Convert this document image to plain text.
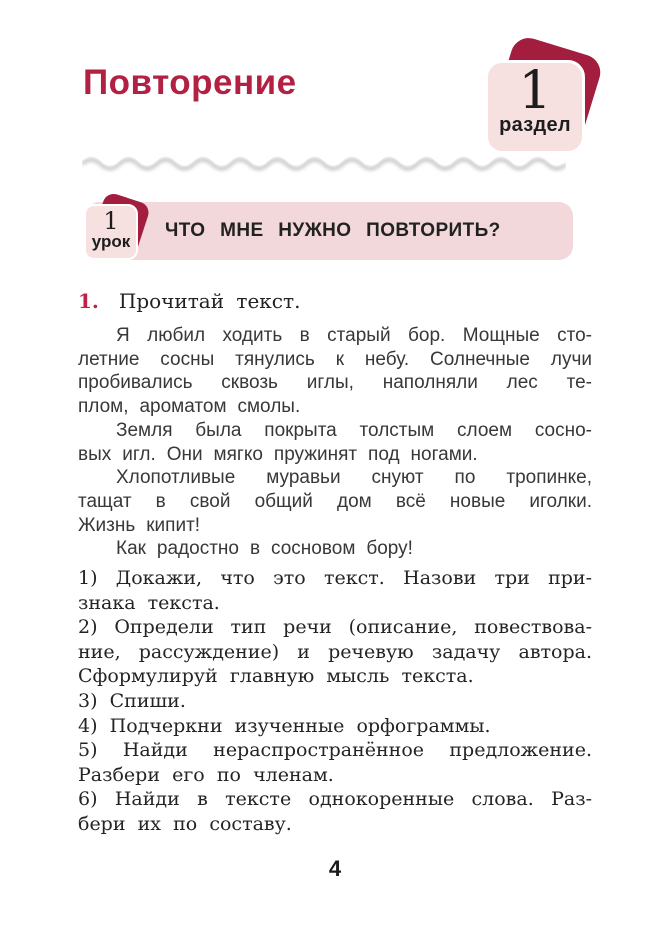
Повторение	1
раздел
ЧТО МНЕ НУЖНО ПОВТОРИТЬ?
1
урок
1. Прочитай текст.

Я любил ходить в старый бор. Мощные сто-
летние сосны тянулись к небу. Солнечные лучи
пробивались сквозь иглы, наполняли лес те-
плом, ароматом смолы.

Земля была покрыта толстым слоем сосно-
вых игл. Они мягко пружинят под ногами.

Хлопотливые муравьи снуют по тропинке,
тащат в свой общий дом всё новые иголки.
Жизнь кипит!

Как радостно в сосновом бору!

1) Докажи, что это текст. Назови три при-
знака текста.

2) Определи тип речи (описание, повествова-
ние, рассуждение) и речевую задачу автора.
Сформулируй главную мысль текста.

3) Спиши.

4) Подчеркни изученные орфограммы.

5) Найди нераспространённое предложение.
Разбери его по членам.

6) Найди в тексте однокоренные слова. Раз-
бери их по составу.

4
